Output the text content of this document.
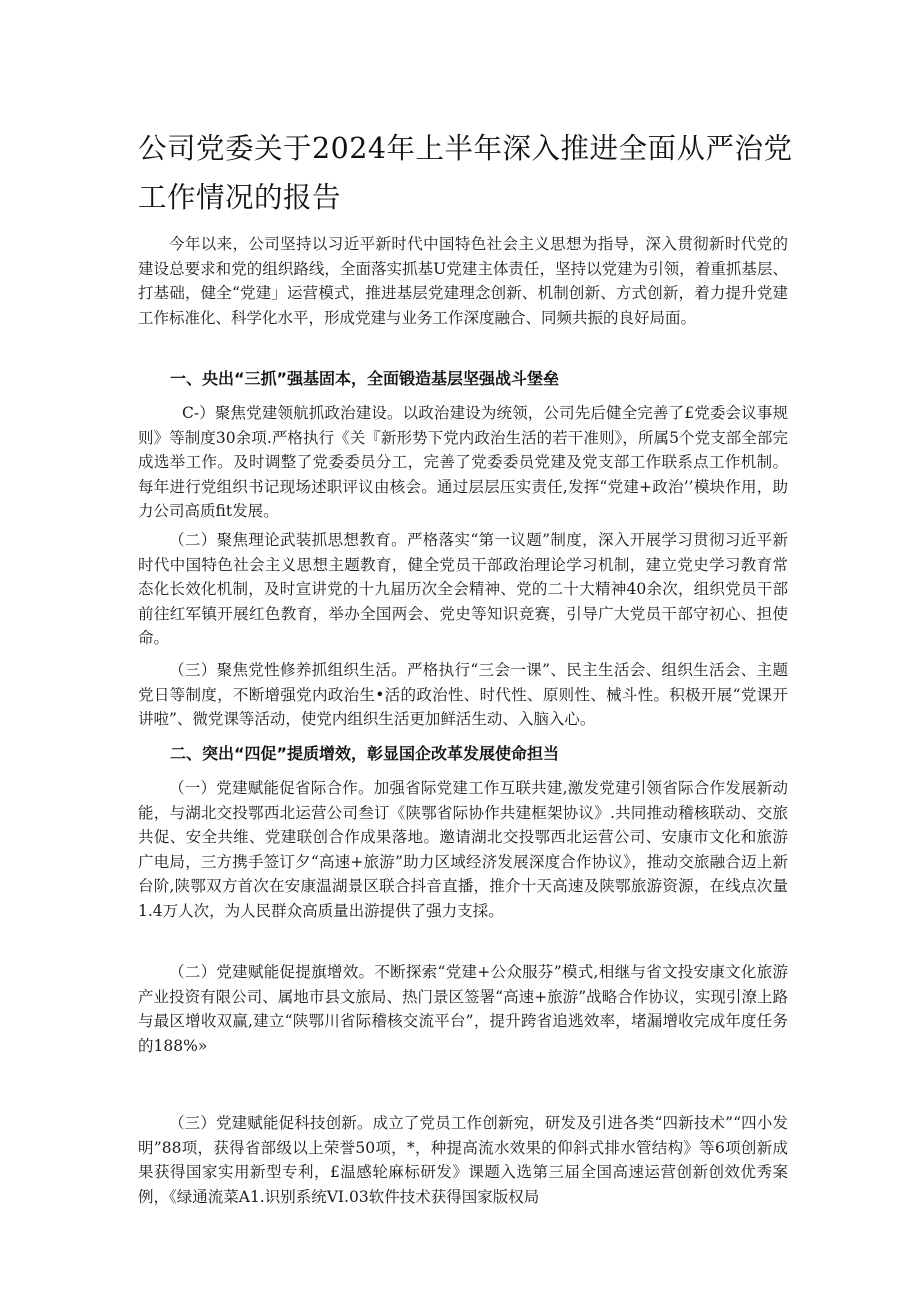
公司党委关于2024年上半年深入推进全面从严治党工作情况的报告

今年以来，公司坚持以习近平新时代中国特色社会主义思想为指导，深入贯彻新时代党的建设总要求和党的组织路线，全面落实抓基U党建主体责任，坚持以党建为引领，着重抓基层、打基础，健全“党建」运营模式，推进基层党建理念创新、机制创新、方式创新，着力提升党建工作标准化、科学化水平，形成党建与业务工作深度融合、同频共振的良好局面。

一、央出“三抓”强基固本，全面锻造基层坚强战斗堡垒

C-）聚焦党建领航抓政治建设。以政治建设为统领，公司先后健全完善了£党委会议事规则》等制度30余项.严格执行《关『新形势下党内政治生活的若干准则》，所属5个党支部全部完成选举工作。及时调整了党委委员分工，完善了党委委员党建及党支部工作联系点工作机制。每年进行党组织书记现场述职评议由核会。通过层层压实责任,发挥“党建+政治’’模块作用，助力公司高质fit发展。

（二）聚焦理论武装抓思想教育。严格落实“第一议题”制度，深入开展学习贯彻习近平新时代中国特色社会主义思想主题教育，健全党员干部政治理论学习机制，建立党史学习教育常态化长效化机制，及时宣讲党的十九届历次全会精神、党的二十大精神40余次，组织党员干部前往红军镇开展红色教育，举办全国两会、党史等知识竞赛，引导广大党员干部守初心、担使命。

（三）聚焦党性修养抓组织生活。严格执行“三会一课”、民主生活会、组织生活会、主题党日等制度，不断增强党内政治生•活的政治性、时代性、原则性、械斗性。积极开展“党课开讲啦”、微党课等活动，使党内组织生活更加鲜活生动、入脑入心。

二、突出“四促”提质增效，彰显国企改革发展使命担当

（一）党建赋能促省际合作。加强省际党建工作互联共建,激发党建引领省际合作发展新动能，与湖北交投鄂西北运营公司叁订《陕鄂省际协作共建框架协议》.共同推动稽核联动、交旅共促、安全共维、党建联创合作成果落地。邀请湖北交投鄂西北运营公司、安康市文化和旅游广电局，三方携手签订夕“高速+旅游”助力区域经济发展深度合作协议》，推动交旅融合迈上新台阶,陕鄂双方首次在安康温湖景区联合抖音直播，推介十天高速及陕鄂旅游资源，在线点次量1.4万人次，为人民群众高质量出游提供了强力支採。

（二）党建赋能促提旗增效。不断探索“党建+公众服芬”模式,相继与省文投安康文化旅游产业投资有限公司、属地市县文旅局、热门景区签署“高速+旅游”战略合作协议，实现引潦上路与最区增收双赢,建立“陕鄂川省际稽核交流平台”，提升跨省追逃效率，堵漏增收完成年度任务的188%»

（三）党建赋能促科技创新。成立了党员工作创新宛，研发及引进各类“四新技术”“四小发明”88项，获得省部级以上荣誉50项，*，种提高流水效果的仰斜式排水管结构》等6项创新成果获得国家实用新型专利，£温感轮麻标研发》课题入选第三届全国高速运营创新创效优秀案例，《绿通流菜A1.识别系统VI.03软件技术获得国家版权局
